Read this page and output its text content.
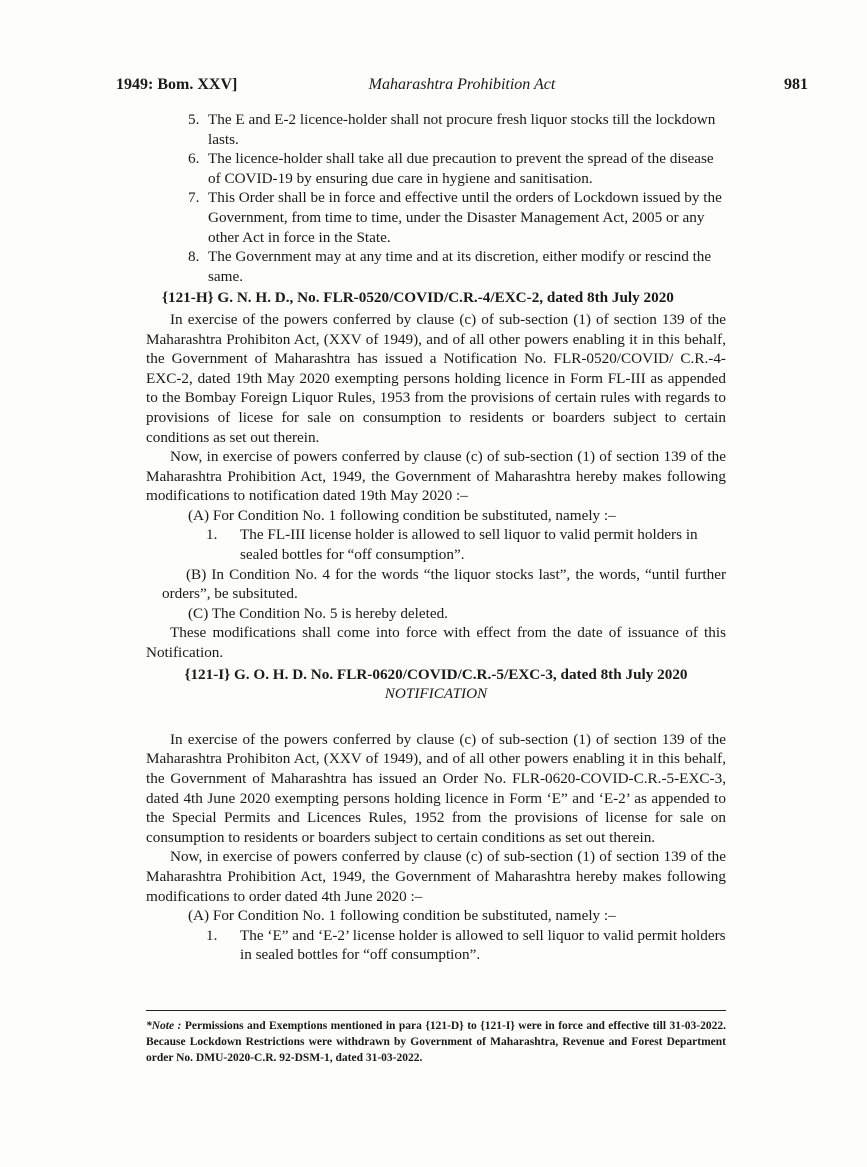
1949: Bom. XXV]	Maharashtra Prohibition Act	981
5. The E and E-2 licence-holder shall not procure fresh liquor stocks till the lockdown lasts.
6. The licence-holder shall take all due precaution to prevent the spread of the disease of COVID-19 by ensuring due care in hygiene and sanitisation.
7. This Order shall be in force and effective until the orders of Lockdown issued by the Government, from time to time, under the Disaster Management Act, 2005 or any other Act in force in the State.
8. The Government may at any time and at its discretion, either modify or rescind the same.
{121-H} G. N. H. D., No. FLR-0520/COVID/C.R.-4/EXC-2, dated 8th July 2020
In exercise of the powers conferred by clause (c) of sub-section (1) of section 139 of the Maharashtra Prohibiton Act, (XXV of 1949), and of all other powers enabling it in this behalf, the Government of Maharashtra has issued a Notification No. FLR-0520/COVID/ C.R.-4-EXC-2, dated 19th May 2020 exempting persons holding licence in Form FL-III as appended to the Bombay Foreign Liquor Rules, 1953 from the provisions of certain rules with regards to provisions of licese for sale on consumption to residents or boarders subject to certain conditions as set out therein.
Now, in exercise of powers conferred by clause (c) of sub-section (1) of section 139 of the Maharashtra Prohibition Act, 1949, the Government of Maharashtra hereby makes following modifications to notification dated 19th May 2020 :–
(A) For Condition No. 1 following condition be substituted, namely :–
1.	The FL-III license holder is allowed to sell liquor to valid permit holders in sealed bottles for “off consumption”.
(B) In Condition No. 4 for the words “the liquor stocks last”, the words, “until further orders”, be subsituted.
(C) The Condition No. 5 is hereby deleted.
These modifications shall come into force with effect from the date of issuance of this Notification.
{121-I} G. O. H. D. No. FLR-0620/COVID/C.R.-5/EXC-3, dated 8th July 2020
NOTIFICATION
In exercise of the powers conferred by clause (c) of sub-section (1) of section 139 of the Maharashtra Prohibiton Act, (XXV of 1949), and of all other powers enabling it in this behalf, the Government of Maharashtra has issued an Order No. FLR-0620-COVID-C.R.-5-EXC-3, dated 4th June 2020 exempting persons holding licence in Form ‘E” and ‘E-2’ as appended to the Special Permits and Licences Rules, 1952 from the provisions of license for sale on consumption to residents or boarders subject to certain conditions as set out therein.
Now, in exercise of powers conferred by clause (c) of sub-section (1) of section 139 of the Maharashtra Prohibition Act, 1949, the Government of Maharashtra hereby makes following modifications to order dated 4th June 2020 :–
(A) For Condition No. 1 following condition be substituted, namely :–
1.	The ‘E” and ‘E-2’ license holder is allowed to sell liquor to valid permit holders in sealed bottles for “off consumption”.
*Note : Permissions and Exemptions mentioned in para {121-D} to {121-I} were in force and effective till 31-03-2022. Because Lockdown Restrictions were withdrawn by Government of Maharashtra, Revenue and Forest Department order No. DMU-2020-C.R. 92-DSM-1, dated 31-03-2022.
